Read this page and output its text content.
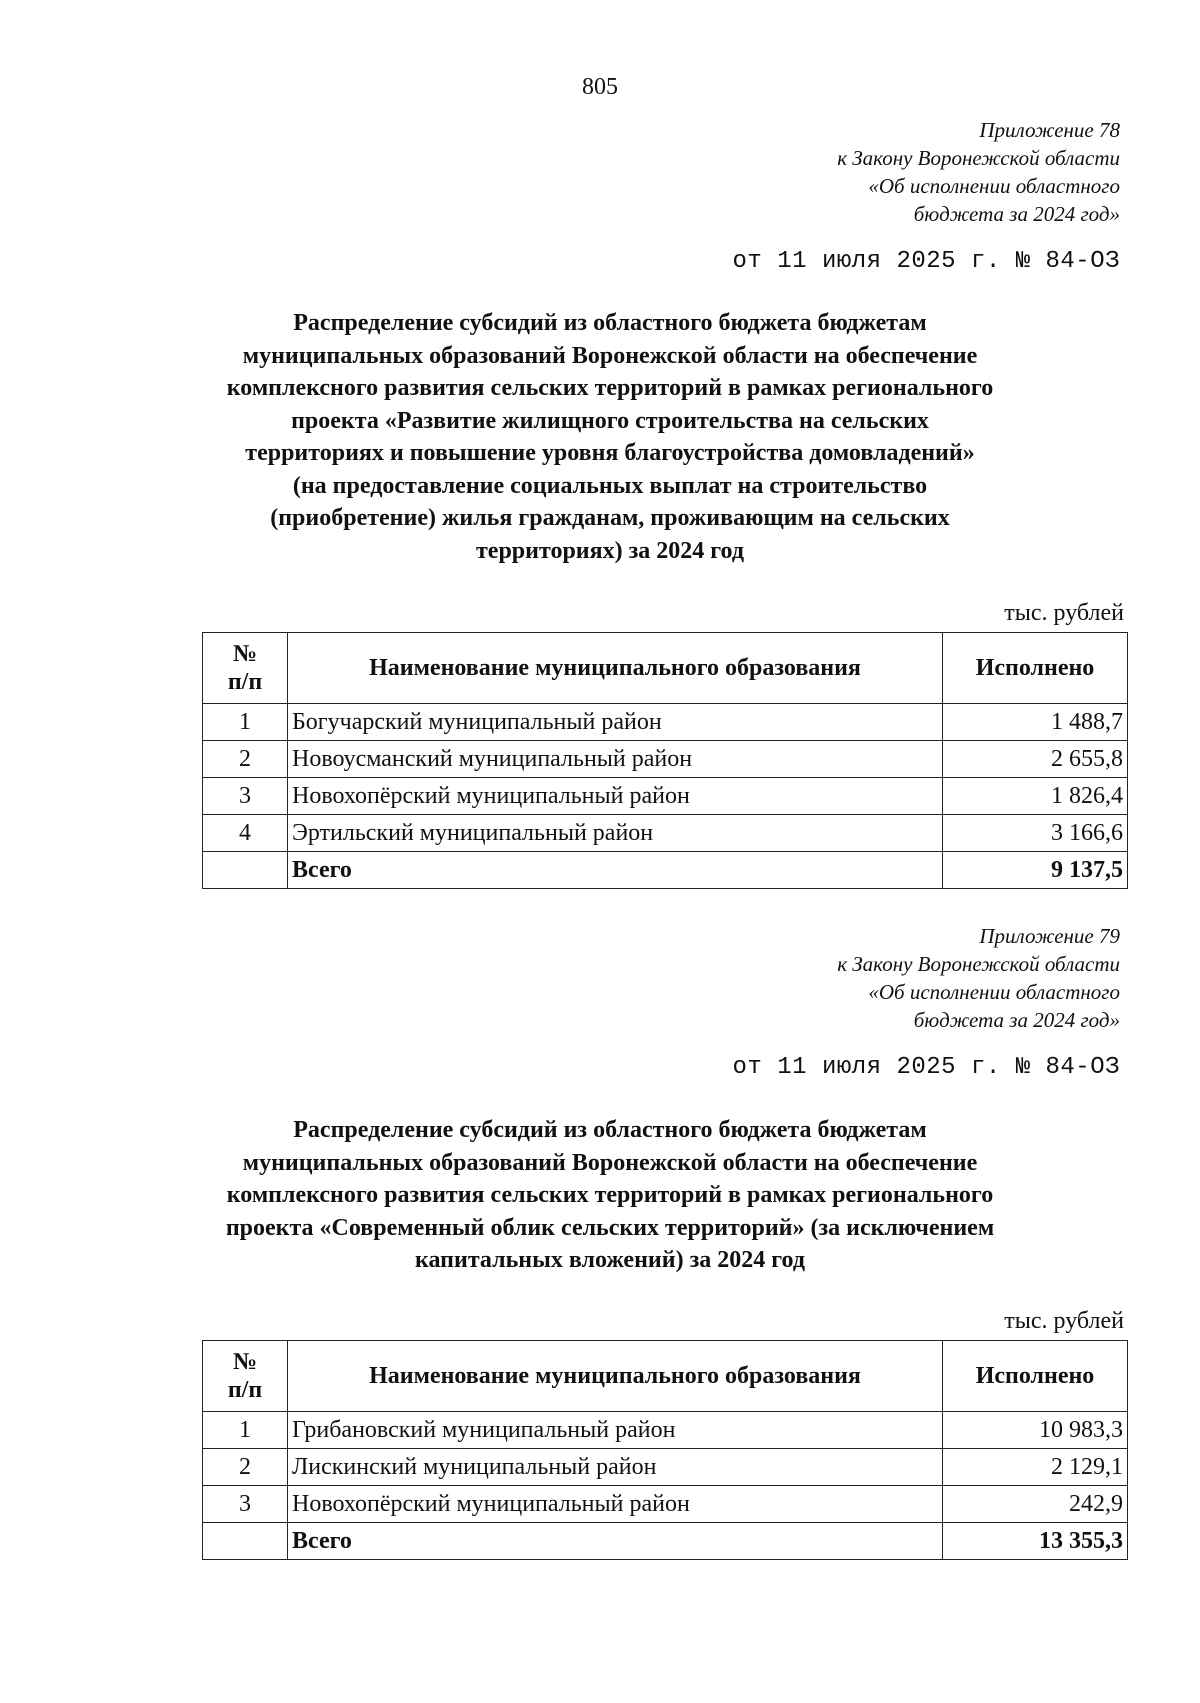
805
Приложение 78
к Закону Воронежской области
«Об исполнении областного
бюджета за 2024 год»
от 11 июля 2025 г. № 84-ОЗ
Распределение субсидий из областного бюджета бюджетам
муниципальных образований Воронежской области на обеспечение
комплексного развития сельских территорий в рамках регионального
проекта «Развитие жилищного строительства на сельских
территориях и повышение уровня благоустройства домовладений»
(на предоставление социальных выплат на строительство
(приобретение) жилья гражданам, проживающим на сельских
территориях) за 2024 год
тыс. рублей
№
п/п	Наименование муниципального образования	Исполнено
1	Богучарский муниципальный район	1 488,7
2	Новоусманский муниципальный район	2 655,8
3	Новохопёрский муниципальный район	1 826,4
4	Эртильский муниципальный район	3 166,6
	Всего	9 137,5
Приложение 79
к Закону Воронежской области
«Об исполнении областного
бюджета за 2024 год»
от 11 июля 2025 г. № 84-ОЗ
Распределение субсидий из областного бюджета бюджетам
муниципальных образований Воронежской области на обеспечение
комплексного развития сельских территорий в рамках регионального
проекта «Современный облик сельских территорий» (за исключением
капитальных вложений) за 2024 год
тыс. рублей
№
п/п	Наименование муниципального образования	Исполнено
1	Грибановский муниципальный район	10 983,3
2	Лискинский муниципальный район	2 129,1
3	Новохопёрский муниципальный район	242,9
	Всего	13 355,3
